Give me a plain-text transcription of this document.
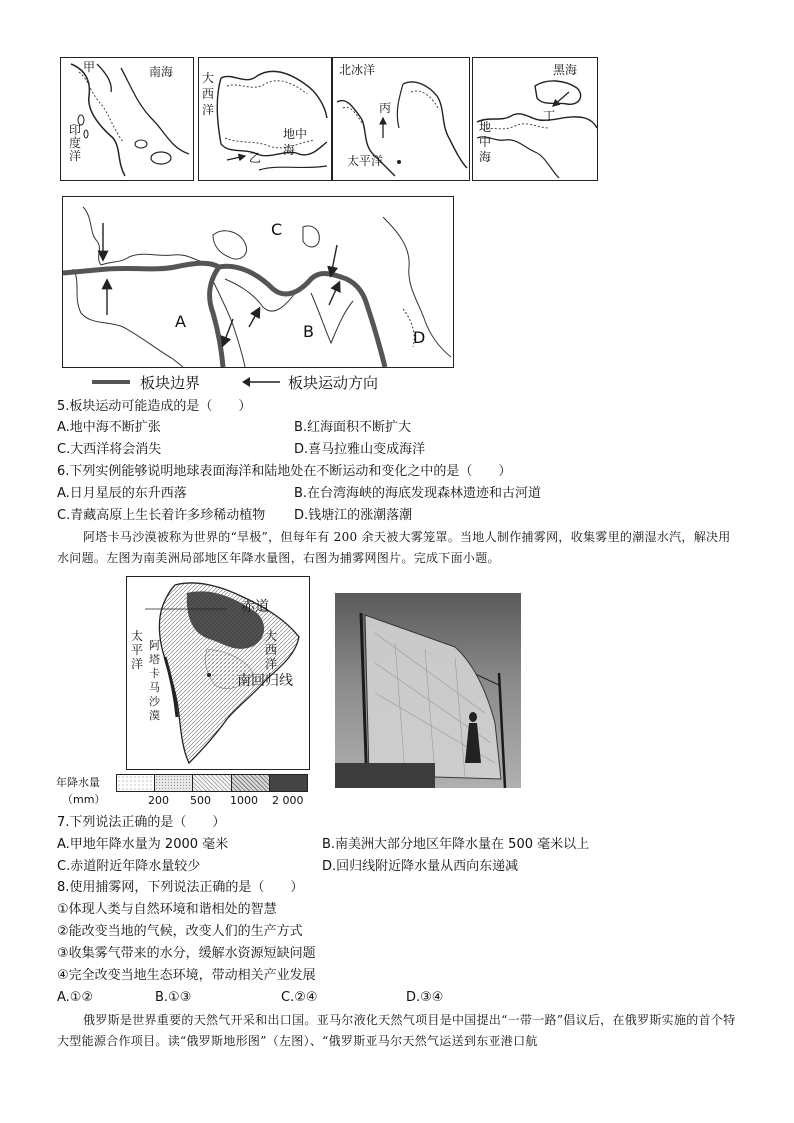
甲	南海
印度洋
大西洋
乙
地中海
北冰洋
丙
太平洋
黑海
丁
地中海
A
B
C
D
板块边界	板块运动方向
5.板块运动可能造成的是（　　）
A.地中海不断扩张	B.红海面积不断扩大
C.大西洋将会消失	D.喜马拉雅山变成海洋
6.下列实例能够说明地球表面海洋和陆地处在不断运动和变化之中的是（　　）
A.日月星辰的东升西落	B.在台湾海峡的海底发现森林遗迹和古河道
C.青藏高原上生长着许多珍稀动植物 D.钱塘江的涨潮落潮
阿塔卡马沙漠被称为世界的“旱极”，但每年有 200 余天被大雾笼罩。当地人制作捕雾网，收集雾里的潮湿水汽，解决用水问题。左图为南美洲局部地区年降水量图，右图为捕雾网图片。完成下面小题。
赤道
太平洋
阿塔卡马沙漠
大西洋
南回归线
年降水量
（mm）	200 500 1000 2 000
7.下列说法正确的是（　　）
A.甲地年降水量为 2000 毫米	B.南美洲大部分地区年降水量在 500 毫米以上
C.赤道附近年降水量较少	D.回归线附近降水量从西向东递减
8.使用捕雾网，下列说法正确的是（　　）
①体现人类与自然环境和谐相处的智慧
②能改变当地的气候，改变人们的生产方式
③收集雾气带来的水分，缓解水资源短缺问题
④完全改变当地生态环境，带动相关产业发展
A.①②	B.①③	C.②④	D.③④
俄罗斯是世界重要的天然气开采和出口国。亚马尔液化天然气项目是中国提出“一带一路”倡议后，在俄罗斯实施的首个特大型能源合作项目。读“俄罗斯地形图”（左图）、“俄罗斯亚马尔天然气运送到东亚港口航
